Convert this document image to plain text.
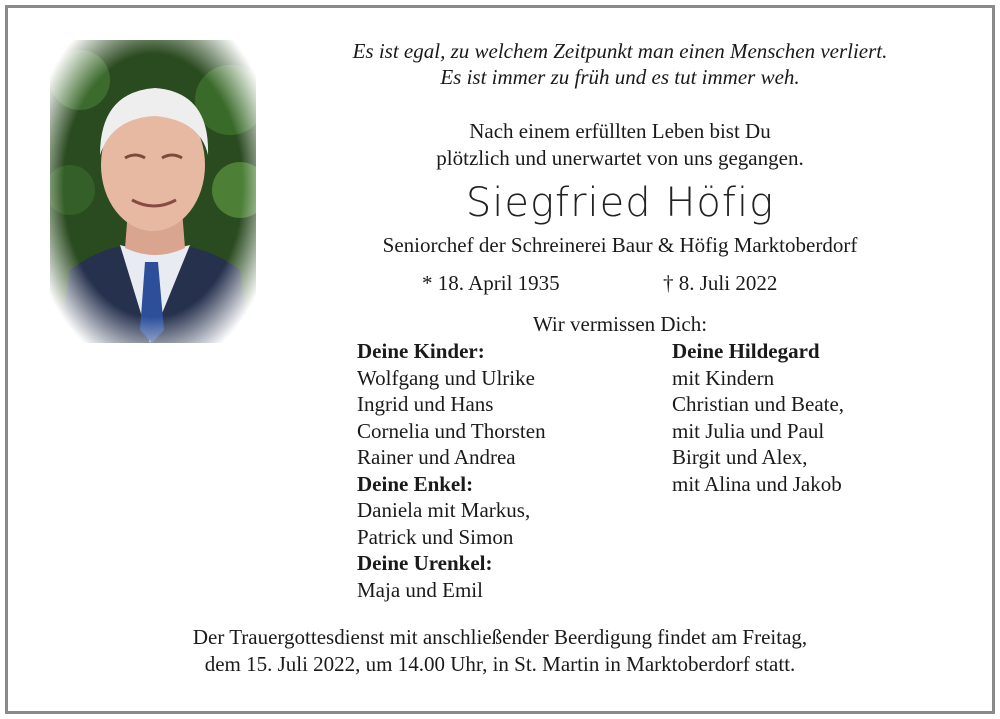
Es ist egal, zu welchem Zeitpunkt man einen Menschen verliert.
Es ist immer zu früh und es tut immer weh.
Nach einem erfüllten Leben bist Du
plötzlich und unerwartet von uns gegangen.
Siegfried Höfig
Seniorchef der Schreinerei Baur & Höfig Marktoberdorf
* 18. April 1935	† 8. Juli 2022
Wir vermissen Dich:
Deine Kinder:
Wolfgang und Ulrike
Ingrid und Hans
Cornelia und Thorsten
Rainer und Andrea
Deine Enkel:
Daniela mit Markus,
Patrick und Simon
Deine Urenkel:
Maja und Emil
Deine Hildegard
mit Kindern
Christian und Beate,
mit Julia und Paul
Birgit und Alex,
mit Alina und Jakob
Der Trauergottesdienst mit anschließender Beerdigung findet am Freitag,
dem 15. Juli 2022, um 14.00 Uhr, in St. Martin in Marktoberdorf statt.
